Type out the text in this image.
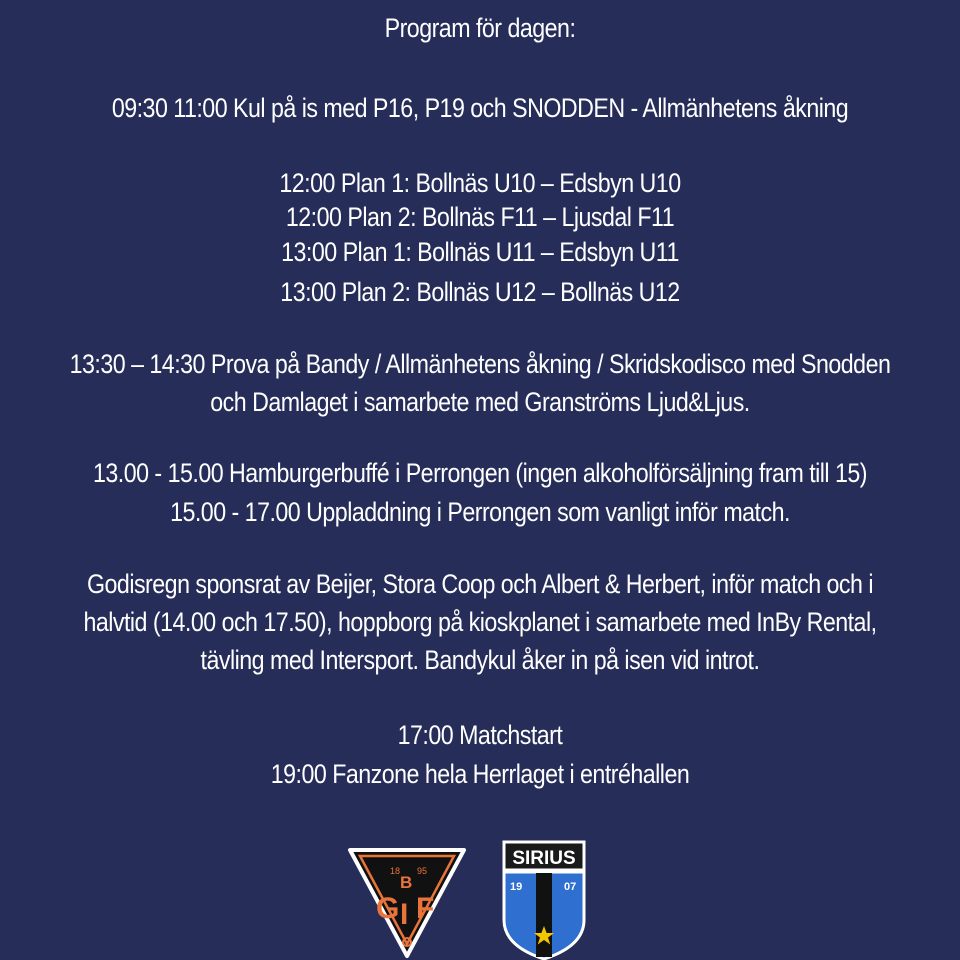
Program för dagen:
09:30 11:00 Kul på is med P16, P19 och SNODDEN - Allmänhetens åkning
12:00 Plan 1: Bollnäs U10 – Edsbyn U10
12:00 Plan 2: Bollnäs F11 – Ljusdal F11
13:00 Plan 1: Bollnäs U11 – Edsbyn U11
13:00 Plan 2: Bollnäs U12 – Bollnäs U12
13:30 – 14:30 Prova på Bandy / Allmänhetens åkning / Skridskodisco med Snodden
och Damlaget i samarbete med Granströms Ljud&Ljus.
13.00 - 15.00 Hamburgerbuffé i Perrongen (ingen alkoholförsäljning fram till 15)
15.00 - 17.00 Uppladdning i Perrongen som vanligt inför match.
Godisregn sponsrat av Beijer, Stora Coop och Albert & Herbert, inför match och i
halvtid (14.00 och 17.50), hoppborg på kioskplanet i samarbete med InBy Rental,
tävling med Intersport. Bandykul åker in på isen vid introt.
17:00 Matchstart
19:00 Fanzone hela Herrlaget i entréhallen
18 95
B
G I F
SIRIUS
19	07
